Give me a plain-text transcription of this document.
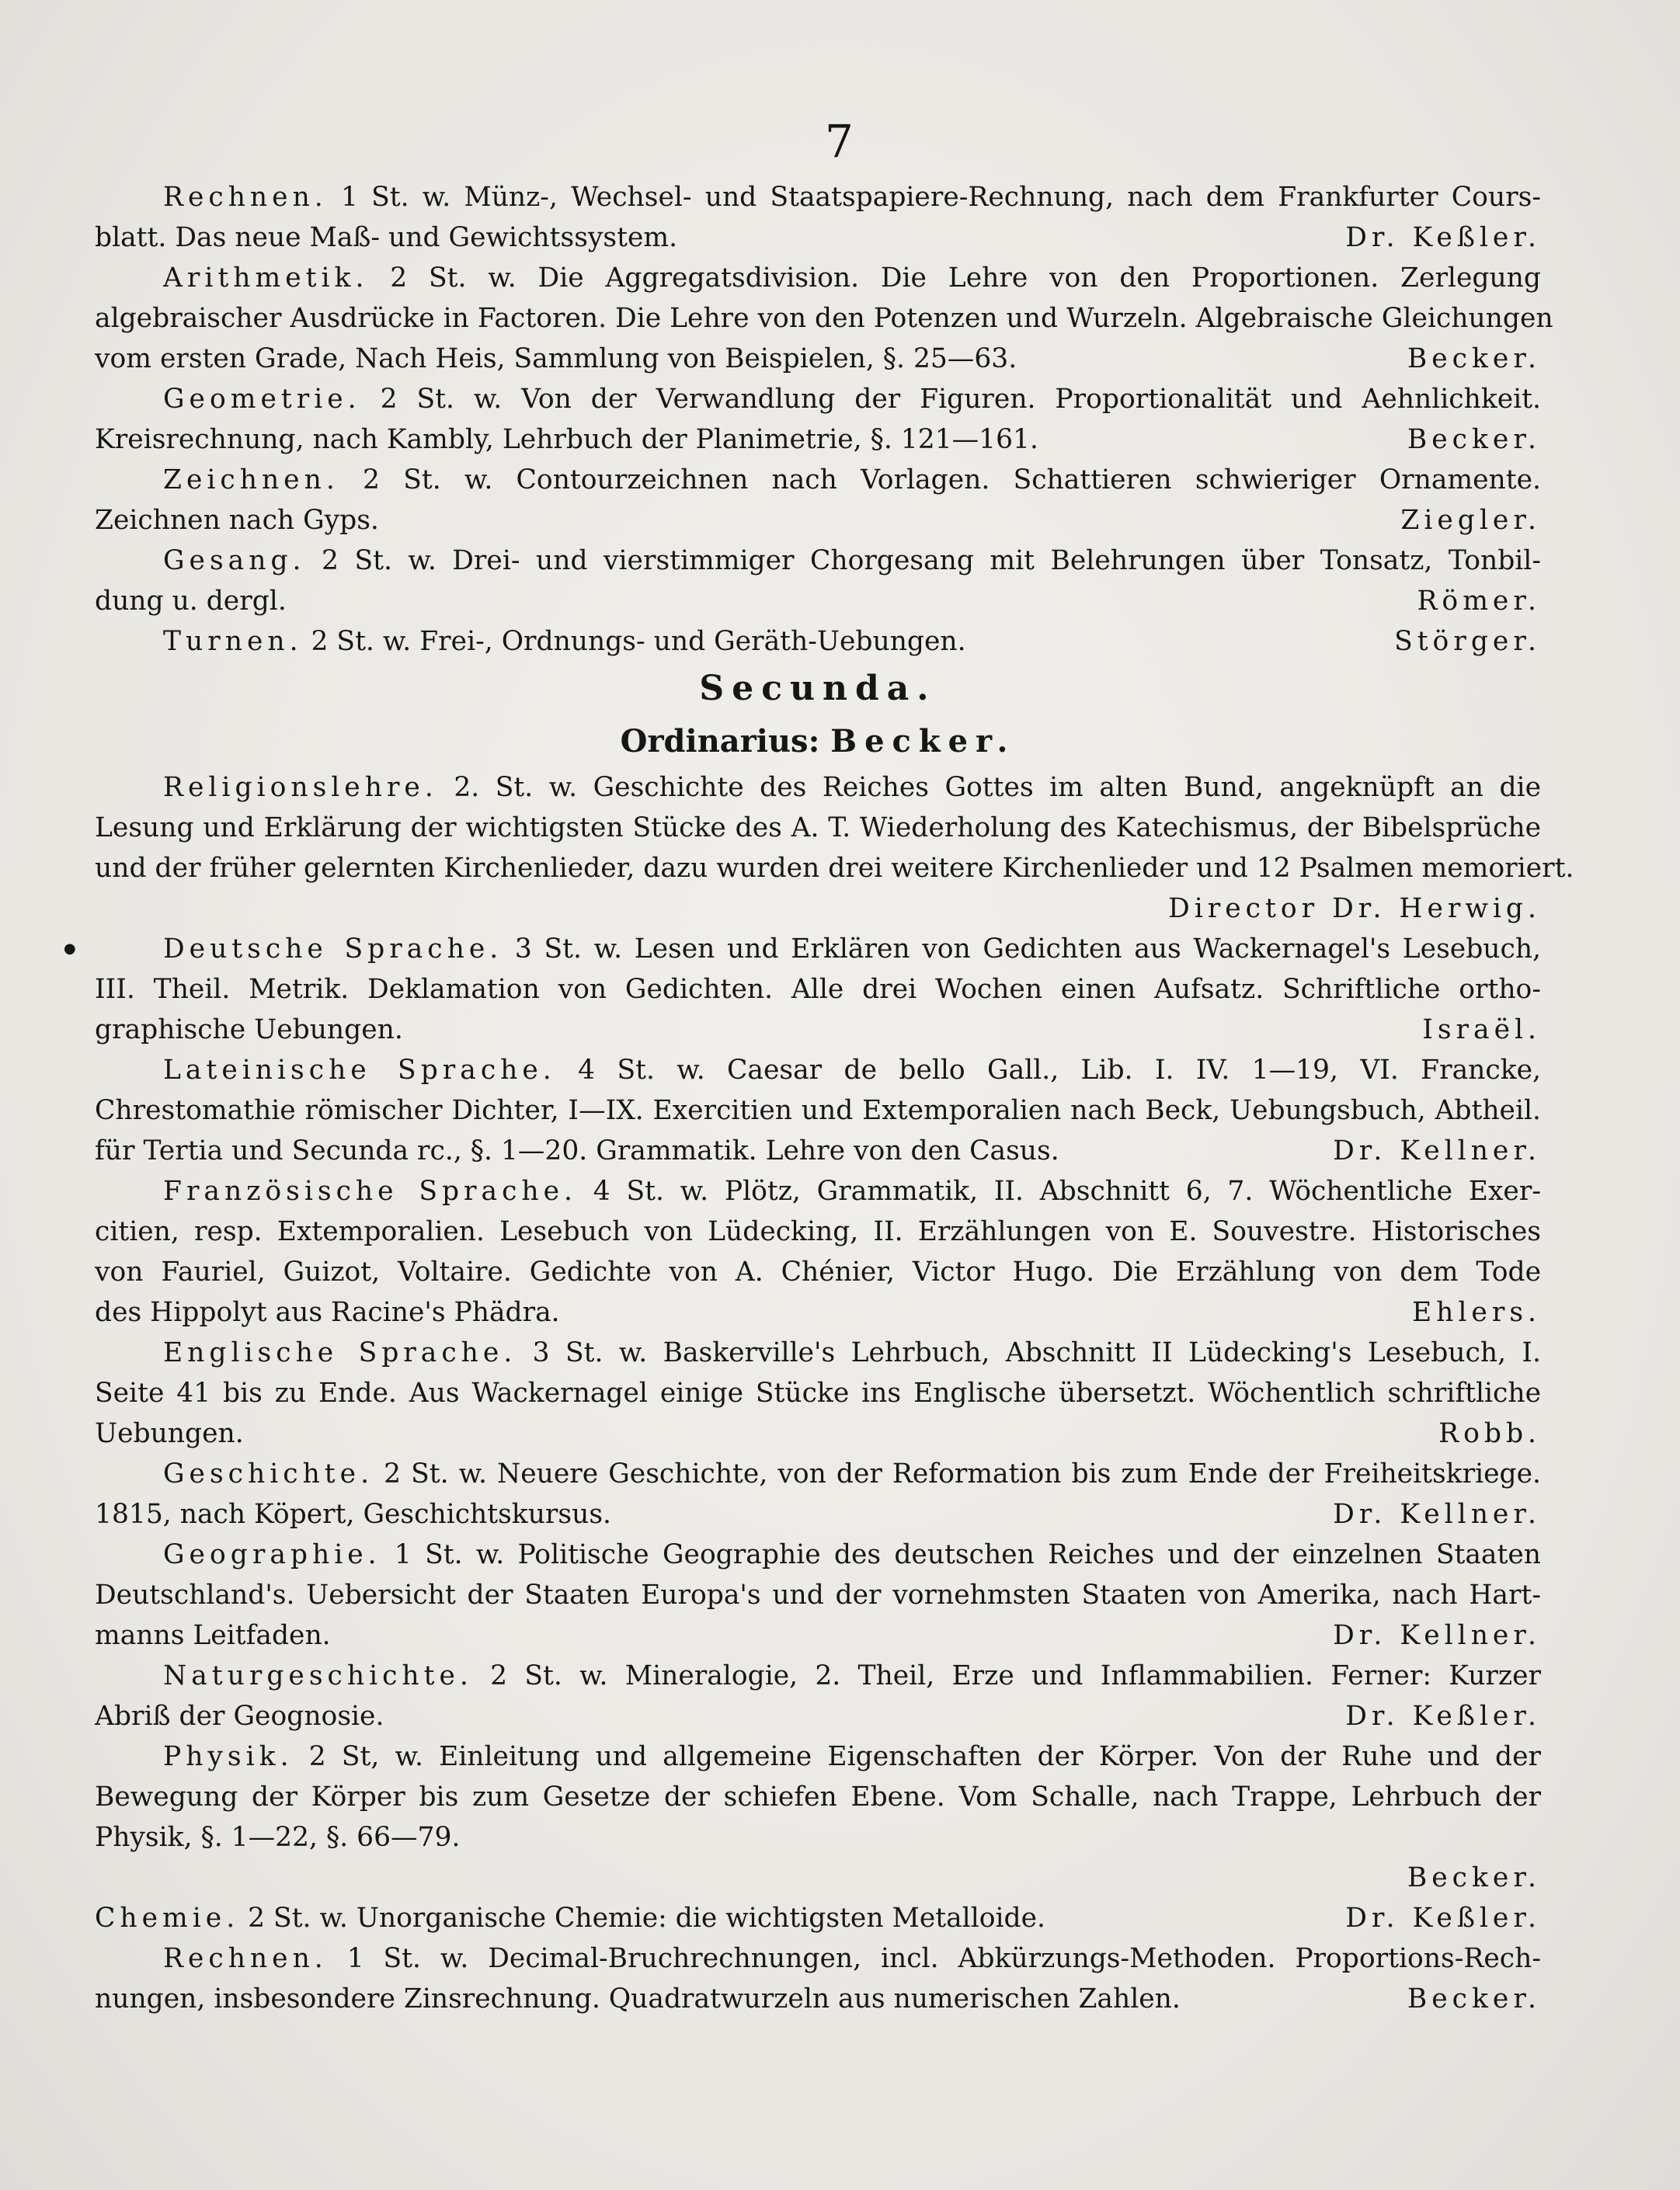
7
Rechnen. 1 St. w. Münz-, Wechsel- und Staatspapiere-Rechnung, nach dem Frankfurter Cours-
blatt. Das neue Maß- und Gewichtssystem.	Dr. Keßler.
Arithmetik. 2 St. w. Die Aggregatsdivision. Die Lehre von den Proportionen. Zerlegung
algebraischer Ausdrücke in Factoren. Die Lehre von den Potenzen und Wurzeln. Algebraische Gleichungen
vom ersten Grade, Nach Heis, Sammlung von Beispielen, §. 25—63.	Becker.
Geometrie. 2 St. w. Von der Verwandlung der Figuren. Proportionalität und Aehnlichkeit.
Kreisrechnung, nach Kambly, Lehrbuch der Planimetrie, §. 121—161.	Becker.
Zeichnen. 2 St. w. Contourzeichnen nach Vorlagen. Schattieren schwieriger Ornamente.
Zeichnen nach Gyps.	Ziegler.
Gesang. 2 St. w. Drei- und vierstimmiger Chorgesang mit Belehrungen über Tonsatz, Tonbil-
dung u. dergl.	Römer.
Turnen. 2 St. w. Frei-, Ordnungs- und Geräth-Uebungen.	Störger.
Secunda.
Ordinarius: Becker.
Religionslehre. 2. St. w. Geschichte des Reiches Gottes im alten Bund, angeknüpft an die
Lesung und Erklärung der wichtigsten Stücke des A. T. Wiederholung des Katechismus, der Bibelsprüche
und der früher gelernten Kirchenlieder, dazu wurden drei weitere Kirchenlieder und 12 Psalmen memoriert.
Director Dr. Herwig.
●	Deutsche Sprache. 3 St. w. Lesen und Erklären von Gedichten aus Wackernagel's Lesebuch,
III. Theil. Metrik. Deklamation von Gedichten. Alle drei Wochen einen Aufsatz. Schriftliche ortho-
graphische Uebungen.	Israël.
Lateinische Sprache. 4 St. w. Caesar de bello Gall., Lib. I. IV. 1—19, VI. Francke,
Chrestomathie römischer Dichter, I—IX. Exercitien und Extemporalien nach Beck, Uebungsbuch, Abtheil.
für Tertia und Secunda rc., §. 1—20. Grammatik. Lehre von den Casus.	Dr. Kellner.
Französische Sprache. 4 St. w. Plötz, Grammatik, II. Abschnitt 6, 7. Wöchentliche Exer-
citien, resp. Extemporalien. Lesebuch von Lüdecking, II. Erzählungen von E. Souvestre. Historisches
von Fauriel, Guizot, Voltaire. Gedichte von A. Chénier, Victor Hugo. Die Erzählung von dem Tode
des Hippolyt aus Racine's Phädra.	Ehlers.
Englische Sprache. 3 St. w. Baskerville's Lehrbuch, Abschnitt II Lüdecking's Lesebuch, I.
Seite 41 bis zu Ende. Aus Wackernagel einige Stücke ins Englische übersetzt. Wöchentlich schriftliche
Uebungen.	Robb.
Geschichte. 2 St. w. Neuere Geschichte, von der Reformation bis zum Ende der Freiheitskriege.
1815, nach Köpert, Geschichtskursus.	Dr. Kellner.
Geographie. 1 St. w. Politische Geographie des deutschen Reiches und der einzelnen Staaten
Deutschland's. Uebersicht der Staaten Europa's und der vornehmsten Staaten von Amerika, nach Hart-
manns Leitfaden.	Dr. Kellner.
Naturgeschichte. 2 St. w. Mineralogie, 2. Theil, Erze und Inflammabilien. Ferner: Kurzer
Abriß der Geognosie.	Dr. Keßler.
Physik. 2 St, w. Einleitung und allgemeine Eigenschaften der Körper. Von der Ruhe und der
Bewegung der Körper bis zum Gesetze der schiefen Ebene. Vom Schalle, nach Trappe, Lehrbuch der
Physik, §. 1—22, §. 66—79.
Becker.
Chemie. 2 St. w. Unorganische Chemie: die wichtigsten Metalloide.	Dr. Keßler.
Rechnen. 1 St. w. Decimal-Bruchrechnungen, incl. Abkürzungs-Methoden. Proportions-Rech-
nungen, insbesondere Zinsrechnung. Quadratwurzeln aus numerischen Zahlen.	Becker.
